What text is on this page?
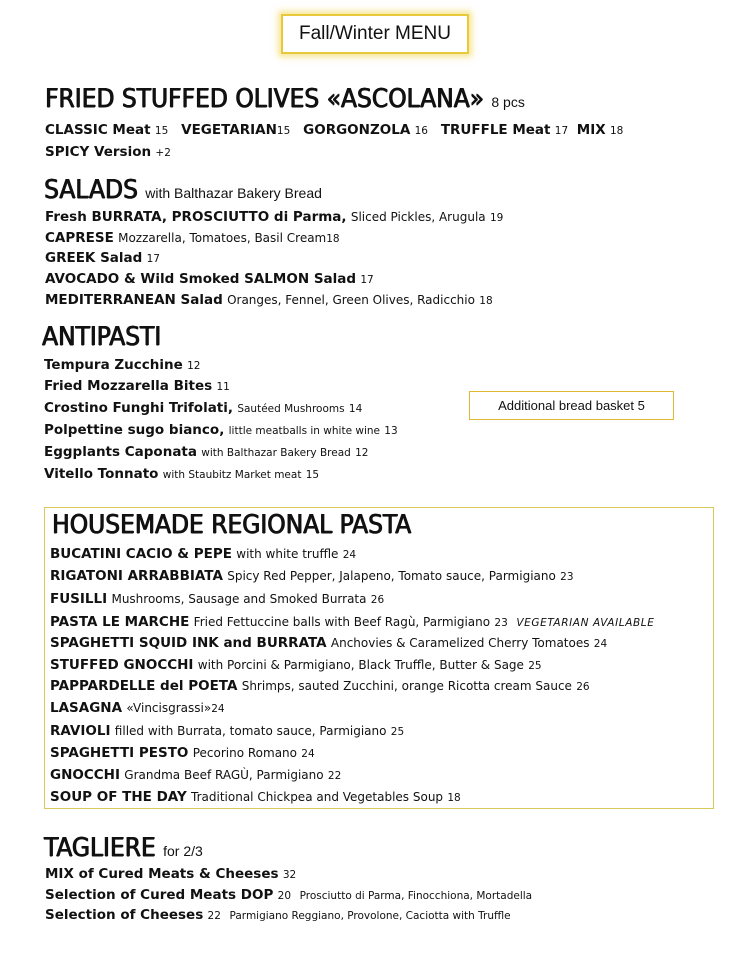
Fall/Winter MENU
FRIED STUFFED OLIVES «ASCOLANA» 8 pcs
CLASSIC Meat 15 VEGETARIAN15 GORGONZOLA 16 TRUFFLE Meat 17 MIX 18
SPICY Version +2
SALADS with Balthazar Bakery Bread
Fresh BURRATA, PROSCIUTTO di Parma, Sliced Pickles, Arugula 19
CAPRESE Mozzarella, Tomatoes, Basil Cream18
GREEK Salad 17
AVOCADO & Wild Smoked SALMON Salad 17
MEDITERRANEAN Salad Oranges, Fennel, Green Olives, Radicchio 18
ANTIPASTI
Tempura Zucchine 12
Fried Mozzarella Bites 11
Crostino Funghi Trifolati, Sautéed Mushrooms 14
Polpettine sugo bianco, little meatballs in white wine 13
Eggplants Caponata with Balthazar Bakery Bread 12
Vitello Tonnato with Staubitz Market meat 15
Additional bread basket 5
HOUSEMADE REGIONAL PASTA
BUCATINI CACIO & PEPE with white truffle 24
RIGATONI ARRABBIATA Spicy Red Pepper, Jalapeno, Tomato sauce, Parmigiano 23
FUSILLI Mushrooms, Sausage and Smoked Burrata 26
PASTA LE MARCHE Fried Fettuccine balls with Beef Ragù, Parmigiano 23 VEGETARIAN AVAILABLE
SPAGHETTI SQUID INK and BURRATA Anchovies & Caramelized Cherry Tomatoes 24
STUFFED GNOCCHI with Porcini & Parmigiano, Black Truffle, Butter & Sage 25
PAPPARDELLE del POETA Shrimps, sauted Zucchini, orange Ricotta cream Sauce 26
LASAGNA «Vincisgrassi»24
RAVIOLI filled with Burrata, tomato sauce, Parmigiano 25
SPAGHETTI PESTO Pecorino Romano 24
GNOCCHI Grandma Beef RAGÙ, Parmigiano 22
SOUP OF THE DAY Traditional Chickpea and Vegetables Soup 18
TAGLIERE for 2/3
MIX of Cured Meats & Cheeses 32
Selection of Cured Meats DOP 20 Prosciutto di Parma, Finocchiona, Mortadella
Selection of Cheeses 22 Parmigiano Reggiano, Provolone, Caciotta with Truffle
